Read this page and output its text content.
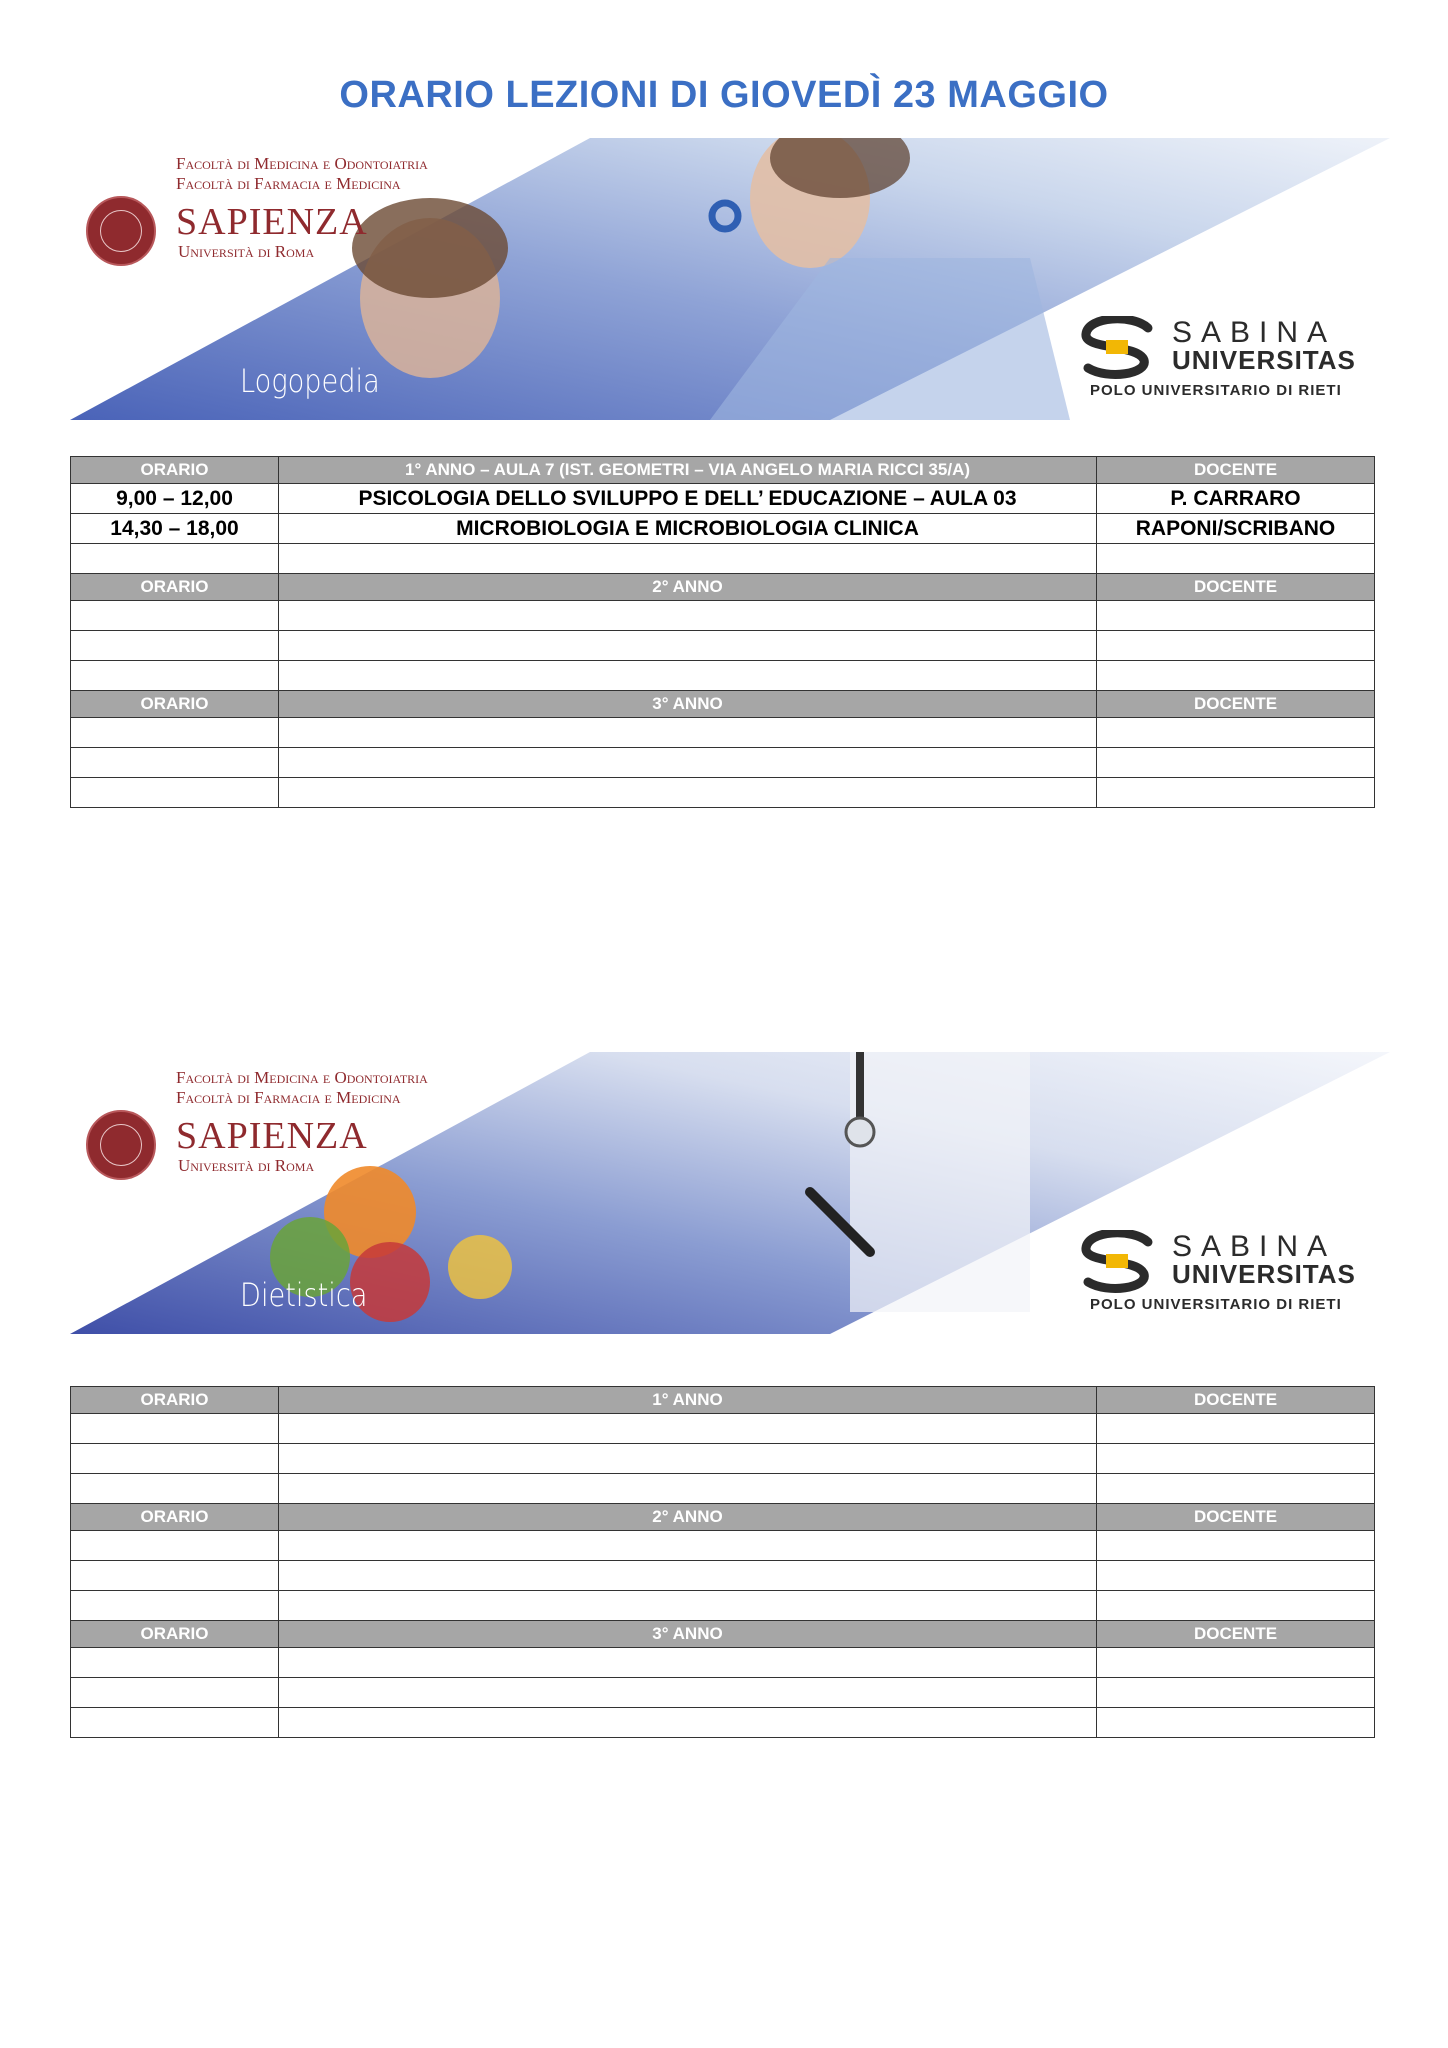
ORARIO LEZIONI DI GIOVEDÌ 23 MAGGIO
Facoltà di Medicina e Odontoiatria
Facoltà di Farmacia e Medicina
SAPIENZA
Università di Roma
Logopedia
SABINA
UNIVERSITAS
POLO UNIVERSITARIO DI RIETI
ORARIO	1° ANNO – AULA 7 (IST. GEOMETRI – VIA ANGELO MARIA RICCI 35/A)	DOCENTE
9,00 – 12,00	PSICOLOGIA DELLO SVILUPPO E DELL’ EDUCAZIONE – AULA 03	P. CARRARO
14,30 – 18,00	MICROBIOLOGIA E MICROBIOLOGIA CLINICA	RAPONI/SCRIBANO

ORARIO	2° ANNO	DOCENTE

ORARIO	3° ANNO	DOCENTE

Facoltà di Medicina e Odontoiatria
Facoltà di Farmacia e Medicina
SAPIENZA
Università di Roma
Dietistica
SABINA
UNIVERSITAS
POLO UNIVERSITARIO DI RIETI
ORARIO	1° ANNO	DOCENTE

ORARIO	2° ANNO	DOCENTE

ORARIO	3° ANNO	DOCENTE
